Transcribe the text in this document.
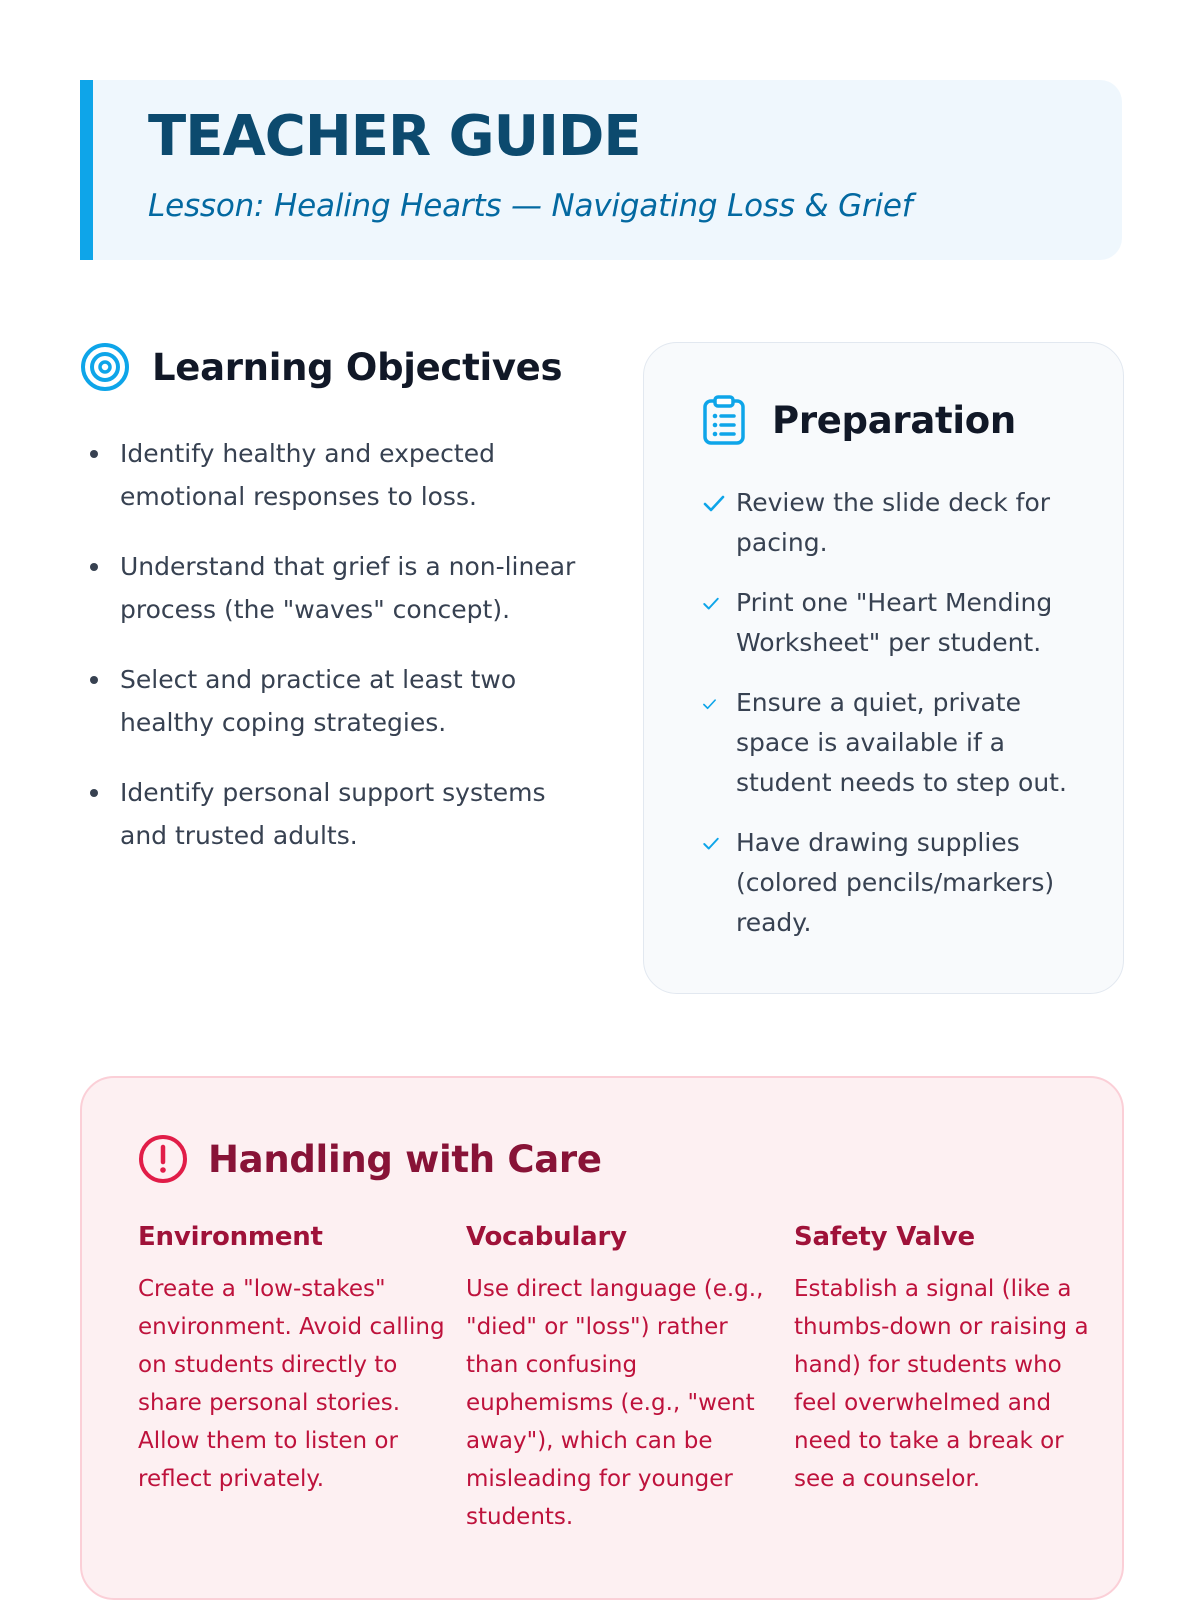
TEACHER GUIDE
Lesson: Healing Hearts — Navigating Loss & Grief
Learning Objectives
Identify healthy and expected emotional responses to loss.
Understand that grief is a non-linear process (the "waves" concept).
Select and practice at least two healthy coping strategies.
Identify personal support systems and trusted adults.
Preparation
Review the slide deck for pacing.
Print one "Heart Mending Worksheet" per student.
Ensure a quiet, private space is available if a student needs to step out.
Have drawing supplies (colored pencils/markers) ready.
Handling with Care
Environment

Create a "low-stakes" environment. Avoid calling on students directly to share personal stories. Allow them to listen or reflect privately.

Vocabulary

Use direct language (e.g., "died" or "loss") rather than confusing euphemisms (e.g., "went away"), which can be misleading for younger students.

Safety Valve

Establish a signal (like a thumbs-down or raising a hand) for students who feel overwhelmed and need to take a break or see a counselor.
